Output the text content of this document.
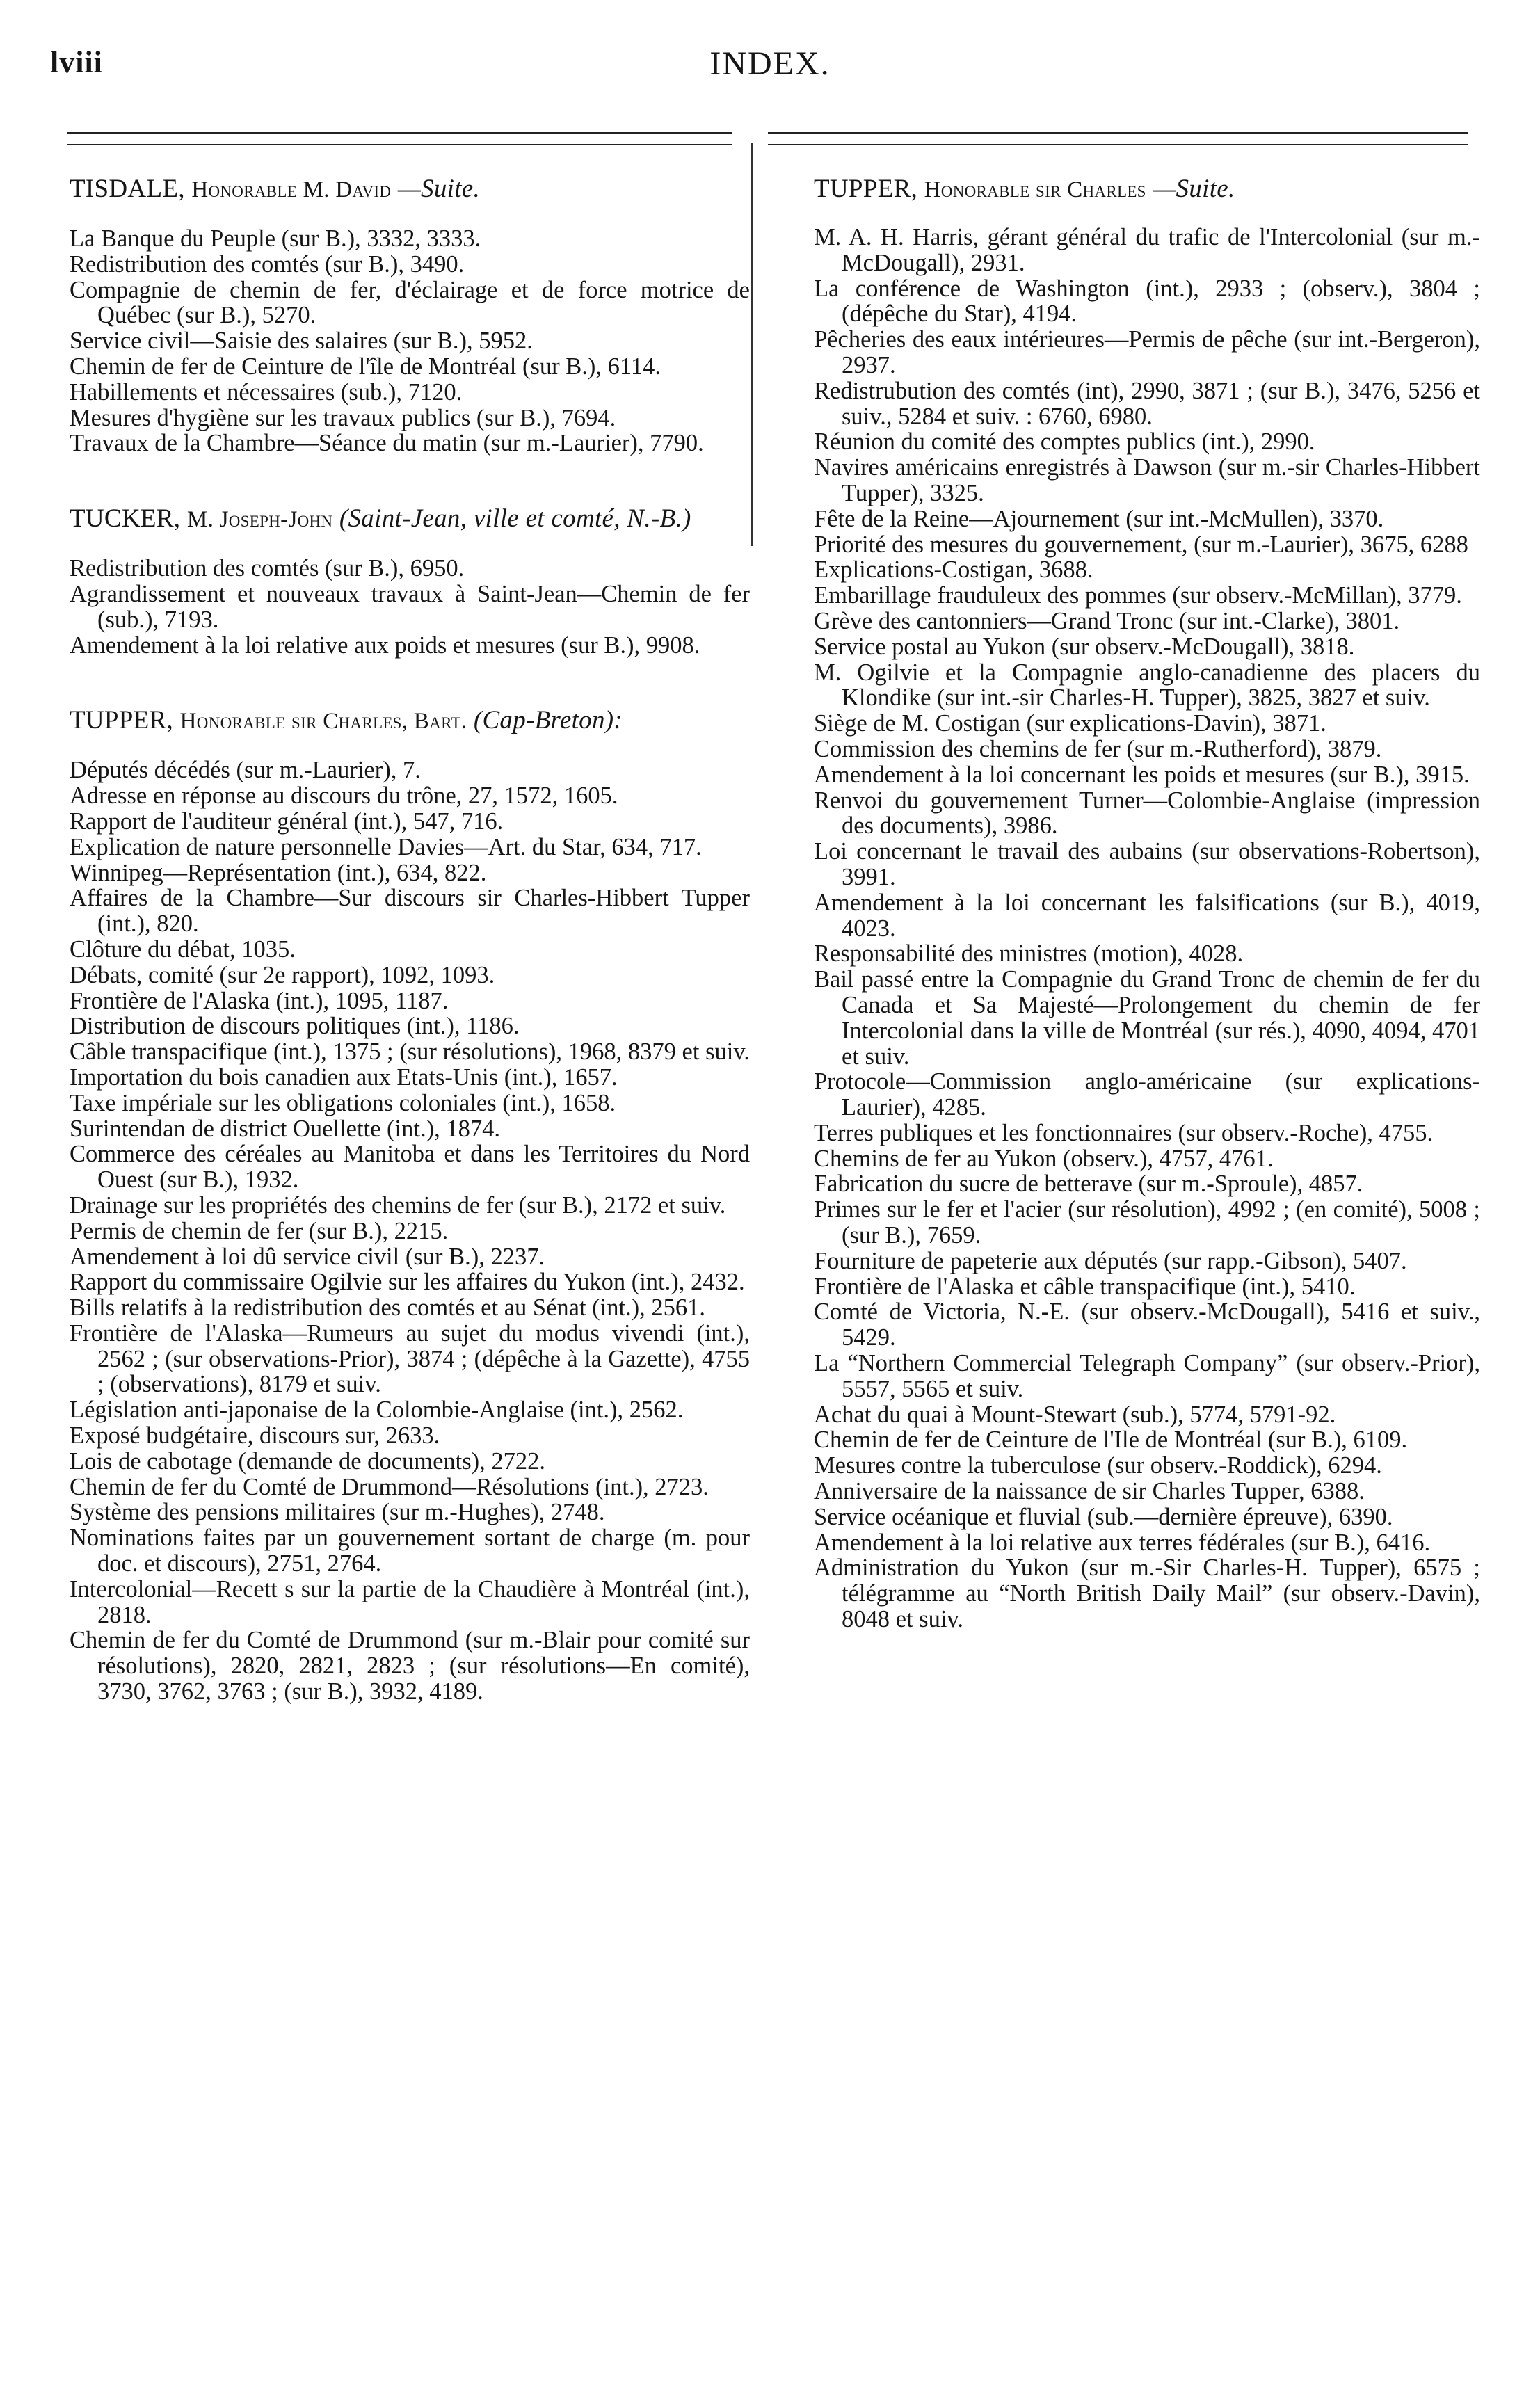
lviii	INDEX.
TISDALE, Honorable M. David —Suite.

La Banque du Peuple (sur B.), 3332, 3333.

Redistribution des comtés (sur B.), 3490.

Compagnie de chemin de fer, d'éclairage et de force motrice de Québec (sur B.), 5270.

Service civil—Saisie des salaires (sur B.), 5952.

Chemin de fer de Ceinture de l'île de Montréal (sur B.), 6114.

Habillements et nécessaires (sub.), 7120.

Mesures d'hygiène sur les travaux publics (sur B.), 7694.

Travaux de la Chambre—Séance du matin (sur m.-Laurier), 7790.

TUCKER, M. Joseph-John (Saint-Jean, ville et comté, N.-B.)

Redistribution des comtés (sur B.), 6950.

Agrandissement et nouveaux travaux à Saint-Jean—Chemin de fer (sub.), 7193.

Amendement à la loi relative aux poids et mesures (sur B.), 9908.

TUPPER, Honorable sir Charles, Bart. (Cap-Breton):

Députés décédés (sur m.-Laurier), 7.

Adresse en réponse au discours du trône, 27, 1572, 1605.

Rapport de l'auditeur général (int.), 547, 716.

Explication de nature personnelle Davies—Art. du Star, 634, 717.

Winnipeg—Représentation (int.), 634, 822.

Affaires de la Chambre—Sur discours sir Charles-Hibbert Tupper (int.), 820.

Clôture du débat, 1035.

Débats, comité (sur 2e rapport), 1092, 1093.

Frontière de l'Alaska (int.), 1095, 1187.

Distribution de discours politiques (int.), 1186.

Câble transpacifique (int.), 1375 ; (sur résolutions), 1968, 8379 et suiv.

Importation du bois canadien aux Etats-Unis (int.), 1657.

Taxe impériale sur les obligations coloniales (int.), 1658.

Surintendan de district Ouellette (int.), 1874.

Commerce des céréales au Manitoba et dans les Territoires du Nord Ouest (sur B.), 1932.

Drainage sur les propriétés des chemins de fer (sur B.), 2172 et suiv.

Permis de chemin de fer (sur B.), 2215.

Amendement à loi dû service civil (sur B.), 2237.

Rapport du commissaire Ogilvie sur les affaires du Yukon (int.), 2432.

Bills relatifs à la redistribution des comtés et au Sénat (int.), 2561.

Frontière de l'Alaska—Rumeurs au sujet du modus vivendi (int.), 2562 ; (sur observations-Prior), 3874 ; (dépêche à la Gazette), 4755 ; (observations), 8179 et suiv.

Législation anti-japonaise de la Colombie-Anglaise (int.), 2562.

Exposé budgétaire, discours sur, 2633.

Lois de cabotage (demande de documents), 2722.

Chemin de fer du Comté de Drummond—Résolutions (int.), 2723.

Système des pensions militaires (sur m.-Hughes), 2748.

Nominations faites par un gouvernement sortant de charge (m. pour doc. et discours), 2751, 2764.

Intercolonial—Recett s sur la partie de la Chaudière à Montréal (int.), 2818.

Chemin de fer du Comté de Drummond (sur m.-Blair pour comité sur résolutions), 2820, 2821, 2823 ; (sur résolutions—En comité), 3730, 3762, 3763 ; (sur B.), 3932, 4189.

TUPPER, Honorable sir Charles —Suite.

M. A. H. Harris, gérant général du trafic de l'Intercolonial (sur m.-McDougall), 2931.

La conférence de Washington (int.), 2933 ; (observ.), 3804 ; (dépêche du Star), 4194.

Pêcheries des eaux intérieures—Permis de pêche (sur int.-Bergeron), 2937.

Redistrubution des comtés (int), 2990, 3871 ; (sur B.), 3476, 5256 et suiv., 5284 et suiv. : 6760, 6980.

Réunion du comité des comptes publics (int.), 2990.

Navires américains enregistrés à Dawson (sur m.-sir Charles-Hibbert Tupper), 3325.

Fête de la Reine—Ajournement (sur int.-McMullen), 3370.

Priorité des mesures du gouvernement, (sur m.-Laurier), 3675, 6288

Explications-Costigan, 3688.

Embarillage frauduleux des pommes (sur observ.-McMillan), 3779.

Grève des cantonniers—Grand Tronc (sur int.-Clarke), 3801.

Service postal au Yukon (sur observ.-McDougall), 3818.

M. Ogilvie et la Compagnie anglo-canadienne des placers du Klondike (sur int.-sir Charles-H. Tupper), 3825, 3827 et suiv.

Siège de M. Costigan (sur explications-Davin), 3871.

Commission des chemins de fer (sur m.-Rutherford), 3879.

Amendement à la loi concernant les poids et mesures (sur B.), 3915.

Renvoi du gouvernement Turner—Colombie-Anglaise (impression des documents), 3986.

Loi concernant le travail des aubains (sur observations-Robertson), 3991.

Amendement à la loi concernant les falsifications (sur B.), 4019, 4023.

Responsabilité des ministres (motion), 4028.

Bail passé entre la Compagnie du Grand Tronc de chemin de fer du Canada et Sa Majesté—Prolongement du chemin de fer Intercolonial dans la ville de Montréal (sur rés.), 4090, 4094, 4701 et suiv.

Protocole—Commission anglo-américaine (sur explications-Laurier), 4285.

Terres publiques et les fonctionnaires (sur observ.-Roche), 4755.

Chemins de fer au Yukon (observ.), 4757, 4761.

Fabrication du sucre de betterave (sur m.-Sproule), 4857.

Primes sur le fer et l'acier (sur résolution), 4992 ; (en comité), 5008 ; (sur B.), 7659.

Fourniture de papeterie aux députés (sur rapp.-Gibson), 5407.

Frontière de l'Alaska et câble transpacifique (int.), 5410.

Comté de Victoria, N.-E. (sur observ.-McDougall), 5416 et suiv., 5429.

La “Northern Commercial Telegraph Company” (sur observ.-Prior), 5557, 5565 et suiv.

Achat du quai à Mount-Stewart (sub.), 5774, 5791-92.

Chemin de fer de Ceinture de l'Ile de Montréal (sur B.), 6109.

Mesures contre la tuberculose (sur observ.-Roddick), 6294.

Anniversaire de la naissance de sir Charles Tupper, 6388.

Service océanique et fluvial (sub.—dernière épreuve), 6390.

Amendement à la loi relative aux terres fédérales (sur B.), 6416.

Administration du Yukon (sur m.-Sir Charles-H. Tupper), 6575 ; télégramme au “North British Daily Mail” (sur observ.-Davin), 8048 et suiv.
